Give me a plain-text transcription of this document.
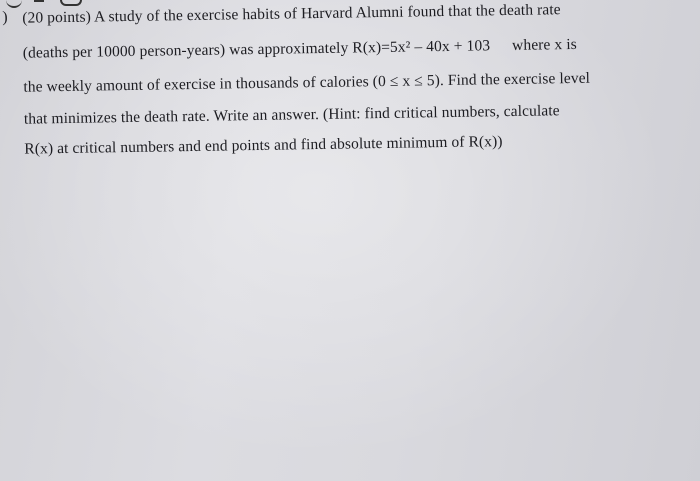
) (20 points) A study of the exercise habits of Harvard Alumni found that the death rate
(deaths per 10000 person-years) was approximately R(x)=5x² – 40x + 103 where x is
the weekly amount of exercise in thousands of calories (0 ≤ x ≤ 5). Find the exercise level
that minimizes the death rate. Write an answer. (Hint: find critical numbers, calculate
R(x) at critical numbers and end points and find absolute minimum of R(x))
